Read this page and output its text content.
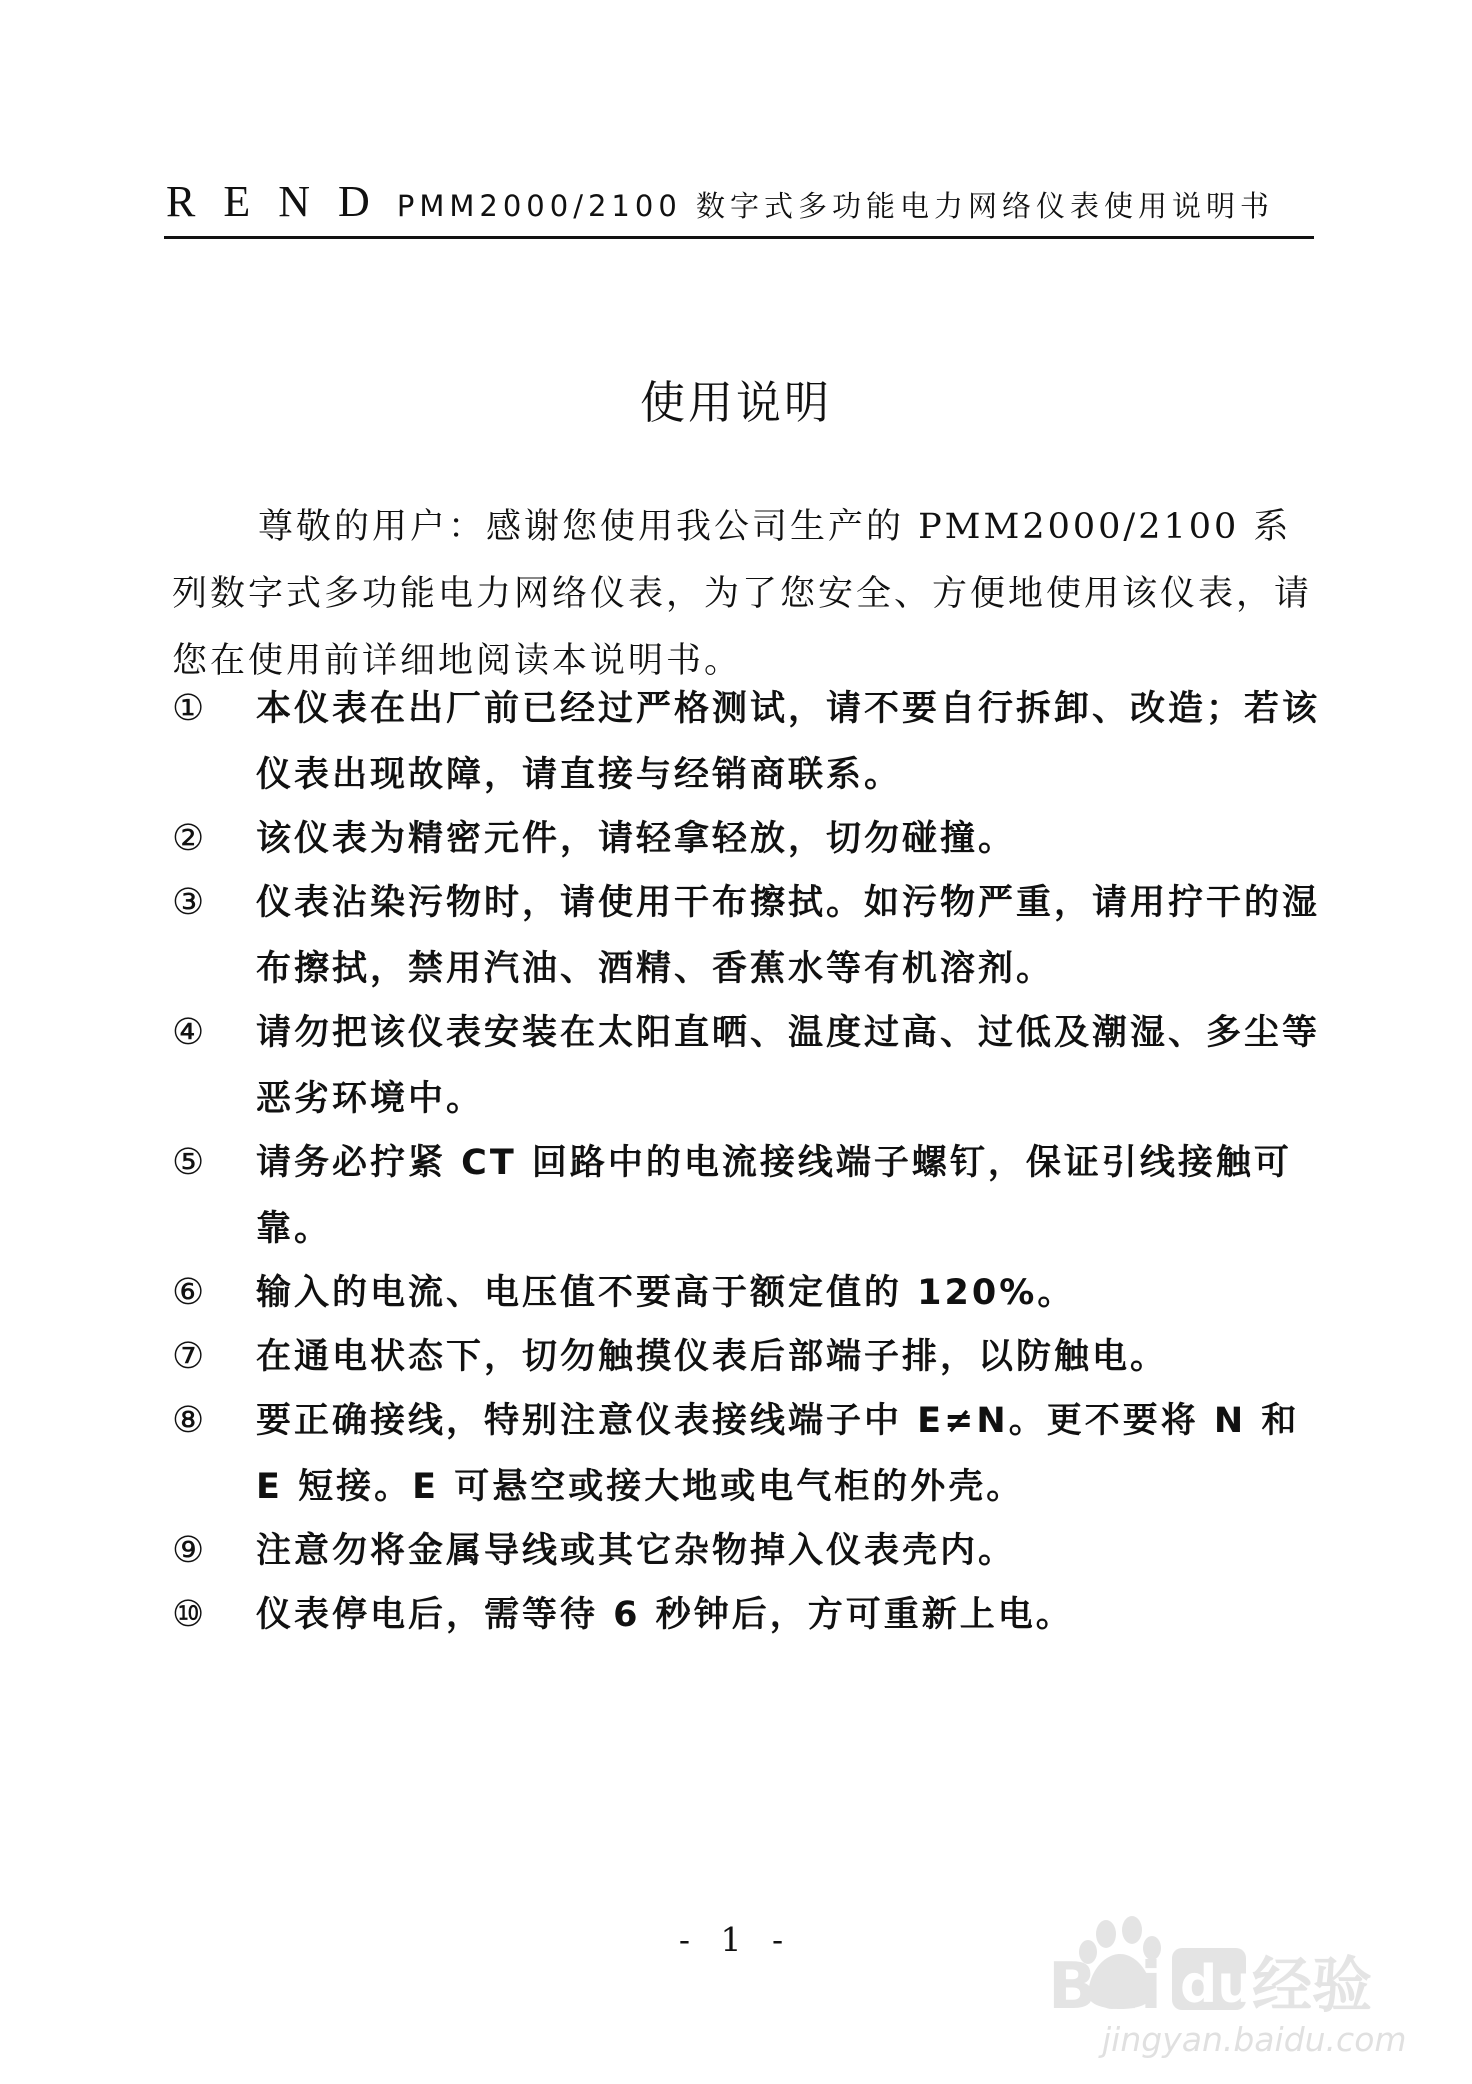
REND PMM2000/2100 数字式多功能电力网络仪表使用说明书
使用说明
尊敬的用户：感谢您使用我公司生产的 PMM2000/2100 系列数字式多功能电力网络仪表，为了您安全、方便地使用该仪表，请您在使用前详细地阅读本说明书。
①	本仪表在出厂前已经过严格测试，请不要自行拆卸、改造；若该仪表出现故障，请直接与经销商联系。
②	该仪表为精密元件，请轻拿轻放，切勿碰撞。
③	仪表沾染污物时，请使用干布擦拭。如污物严重，请用拧干的湿布擦拭，禁用汽油、酒精、香蕉水等有机溶剂。
④	请勿把该仪表安装在太阳直晒、温度过高、过低及潮湿、多尘等恶劣环境中。
⑤	请务必拧紧 CT 回路中的电流接线端子螺钉，保证引线接触可靠。
⑥	输入的电流、电压值不要高于额定值的 120%。
⑦	在通电状态下，切勿触摸仪表后部端子排，以防触电。
⑧	要正确接线，特别注意仪表接线端子中 E≠N。更不要将 N 和 E 短接。E 可悬空或接大地或电气柜的外壳。
⑨	注意勿将金属导线或其它杂物掉入仪表壳内。
⑩	仪表停电后，需等待 6 秒钟后，方可重新上电。
- 1 -
Bai du
经验
jingyan.baidu.com
